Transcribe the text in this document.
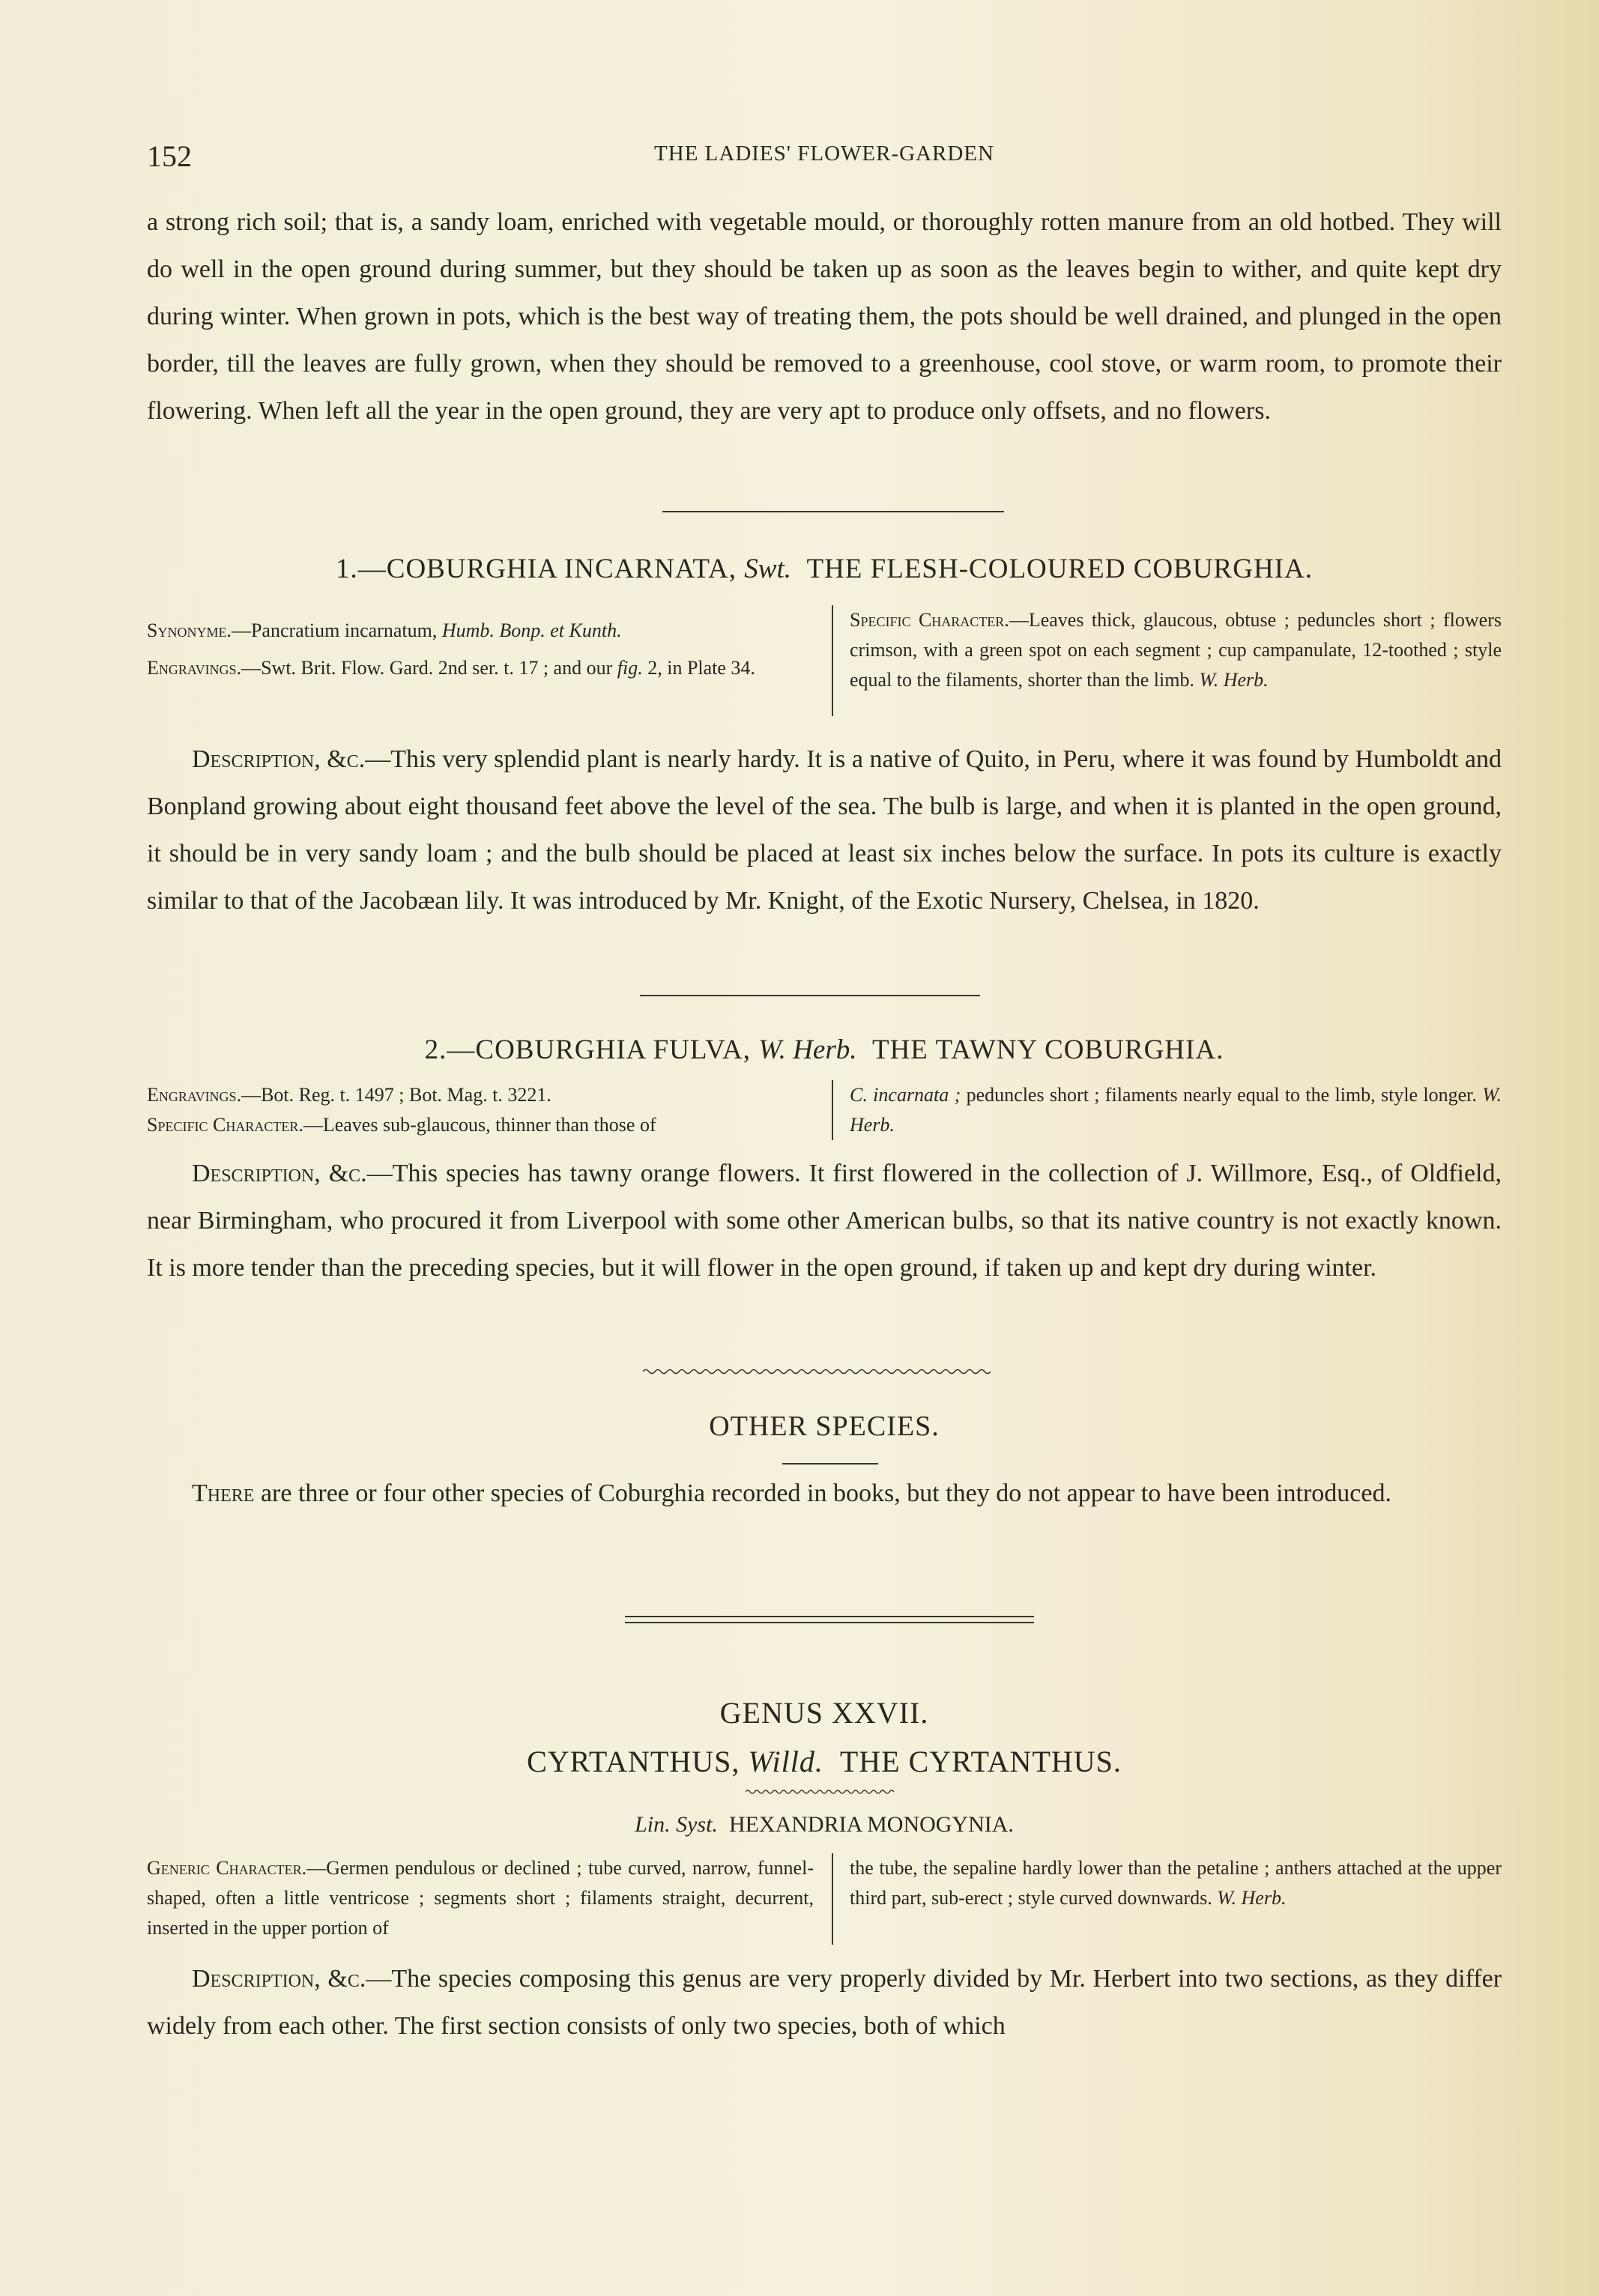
152	THE LADIES' FLOWER-GARDEN

a strong rich soil; that is, a sandy loam, enriched with vegetable mould, or thoroughly rotten manure from an old hotbed. They will do well in the open ground during summer, but they should be taken up as soon as the leaves begin to wither, and quite kept dry during winter. When grown in pots, which is the best way of treating them, the pots should be well drained, and plunged in the open border, till the leaves are fully grown, when they should be removed to a greenhouse, cool stove, or warm room, to promote their flowering. When left all the year in the open ground, they are very apt to produce only offsets, and no flowers.

1.—COBURGHIA INCARNATA, Swt. THE FLESH-COLOURED COBURGHIA.
Synonyme.—Pancratium incarnatum, Humb. Bonp. et Kunth.
Engravings.—Swt. Brit. Flow. Gard. 2nd ser. t. 17 ; and our fig. 2, in Plate 34.
Specific Character.—Leaves thick, glaucous, obtuse ; peduncles short ; flowers crimson, with a green spot on each segment ; cup campanulate, 12-toothed ; style equal to the filaments, shorter than the limb. W. Herb.

Description, &c.—This very splendid plant is nearly hardy. It is a native of Quito, in Peru, where it was found by Humboldt and Bonpland growing about eight thousand feet above the level of the sea. The bulb is large, and when it is planted in the open ground, it should be in very sandy loam ; and the bulb should be placed at least six inches below the surface. In pots its culture is exactly similar to that of the Jacobæan lily. It was introduced by Mr. Knight, of the Exotic Nursery, Chelsea, in 1820.

2.—COBURGHIA FULVA, W. Herb. THE TAWNY COBURGHIA.
Engravings.—Bot. Reg. t. 1497 ; Bot. Mag. t. 3221.
Specific Character.—Leaves sub-glaucous, thinner than those of
C. incarnata ; peduncles short ; filaments nearly equal to the limb, style longer. W. Herb.

Description, &c.—This species has tawny orange flowers. It first flowered in the collection of J. Willmore, Esq., of Oldfield, near Birmingham, who procured it from Liverpool with some other American bulbs, so that its native country is not exactly known. It is more tender than the preceding species, but it will flower in the open ground, if taken up and kept dry during winter.

OTHER SPECIES.

There are three or four other species of Coburghia recorded in books, but they do not appear to have been introduced.

GENUS XXVII.
CYRTANTHUS, Willd. THE CYRTANTHUS.
Lin. Syst. HEXANDRIA MONOGYNIA.
Generic Character.—Germen pendulous or declined ; tube curved, narrow, funnel-shaped, often a little ventricose ; segments short ; filaments straight, decurrent, inserted in the upper portion of
the tube, the sepaline hardly lower than the petaline ; anthers attached at the upper third part, sub-erect ; style curved downwards. W. Herb.

Description, &c.—The species composing this genus are very properly divided by Mr. Herbert into two sections, as they differ widely from each other. The first section consists of only two species, both of which
